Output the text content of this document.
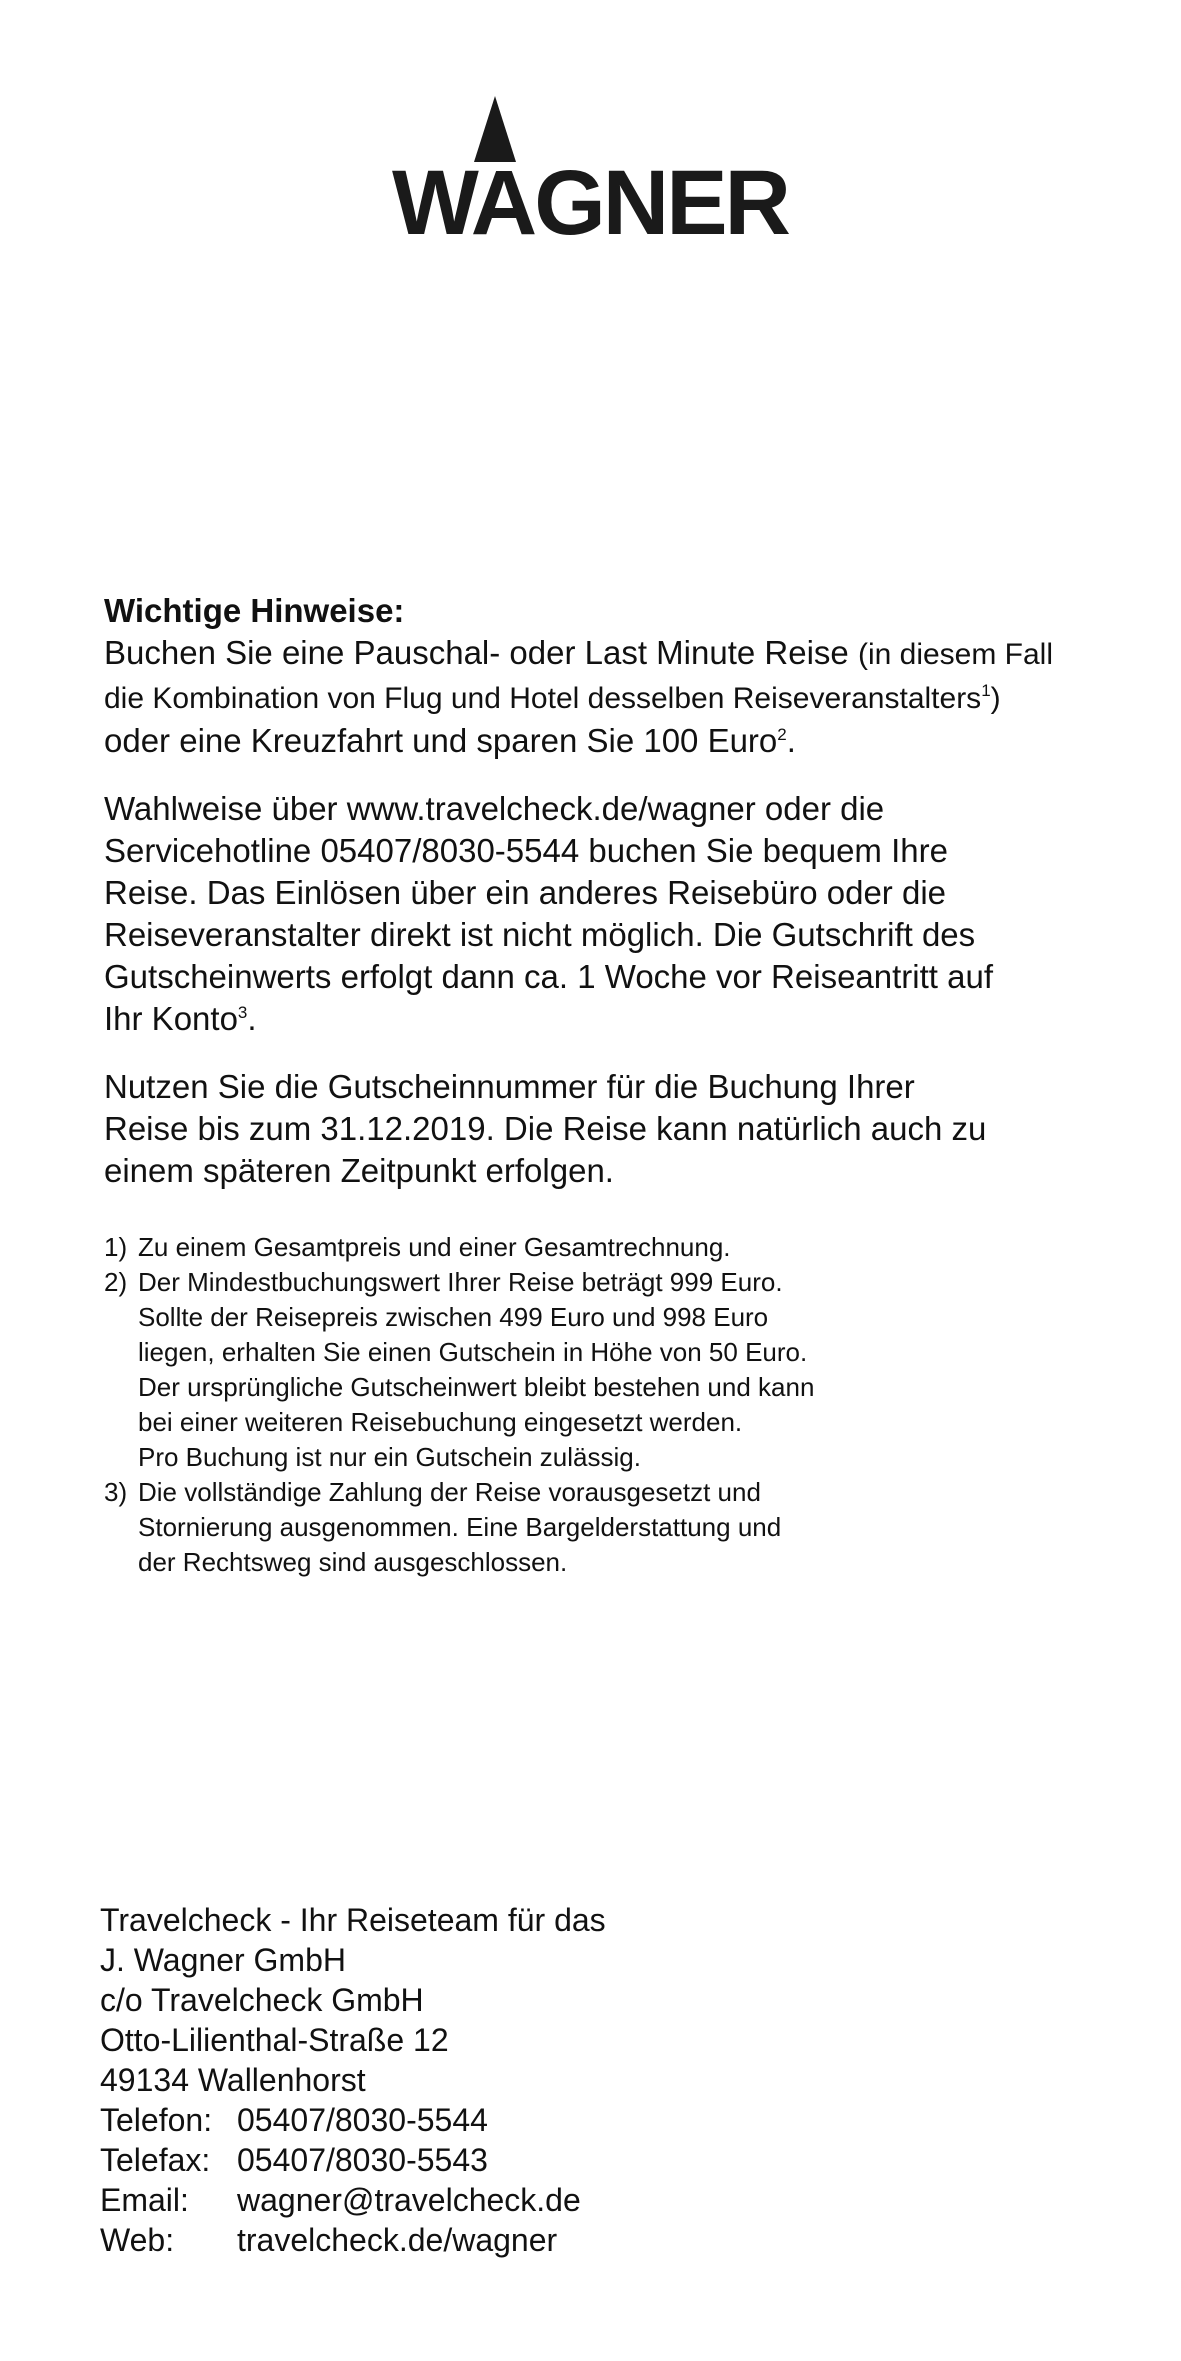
WAGNER

Wichtige Hinweise:

Buchen Sie eine Pauschal- oder Last Minute Reise (in diesem Fall
die Kombination von Flug und Hotel desselben Reiseveranstalters$^1$)
oder eine Kreuzfahrt und sparen Sie 100 Euro$^2$.

Wahlweise über www.travelcheck.de/wagner oder die Servicehotline 05407/8030-5544 buchen Sie bequem Ihre Reise. Das Einlösen über ein anderes Reisebüro oder die Reiseveranstalter direkt ist nicht möglich. Die Gutschrift des Gutscheinwerts erfolgt dann ca. 1 Woche vor Reiseantritt auf Ihr Konto$^3$.

Nutzen Sie die Gutscheinnummer für die Buchung Ihrer Reise bis zum 31.12.2019. Die Reise kann natürlich auch zu einem späteren Zeitpunkt erfolgen.

1) Zu einem Gesamtpreis und einer Gesamtrechnung.
2) Der Mindestbuchungswert Ihrer Reise beträgt 999 Euro.
Sollte der Reisepreis zwischen 499 Euro und 998 Euro
liegen, erhalten Sie einen Gutschein in Höhe von 50 Euro.
Der ursprüngliche Gutscheinwert bleibt bestehen und kann
bei einer weiteren Reisebuchung eingesetzt werden.
Pro Buchung ist nur ein Gutschein zulässig.
3) Die vollständige Zahlung der Reise vorausgesetzt und
Stornierung ausgenommen. Eine Bargelderstattung und
der Rechtsweg sind ausgeschlossen.
Travelcheck - Ihr Reiseteam für das
J. Wagner GmbH
c/o Travelcheck GmbH
Otto-Lilienthal-Straße 12
49134 Wallenhorst
Telefon: 05407/8030-5544
Telefax: 05407/8030-5543
Email:	wagner@travelcheck.de
Web:	travelcheck.de/wagner
